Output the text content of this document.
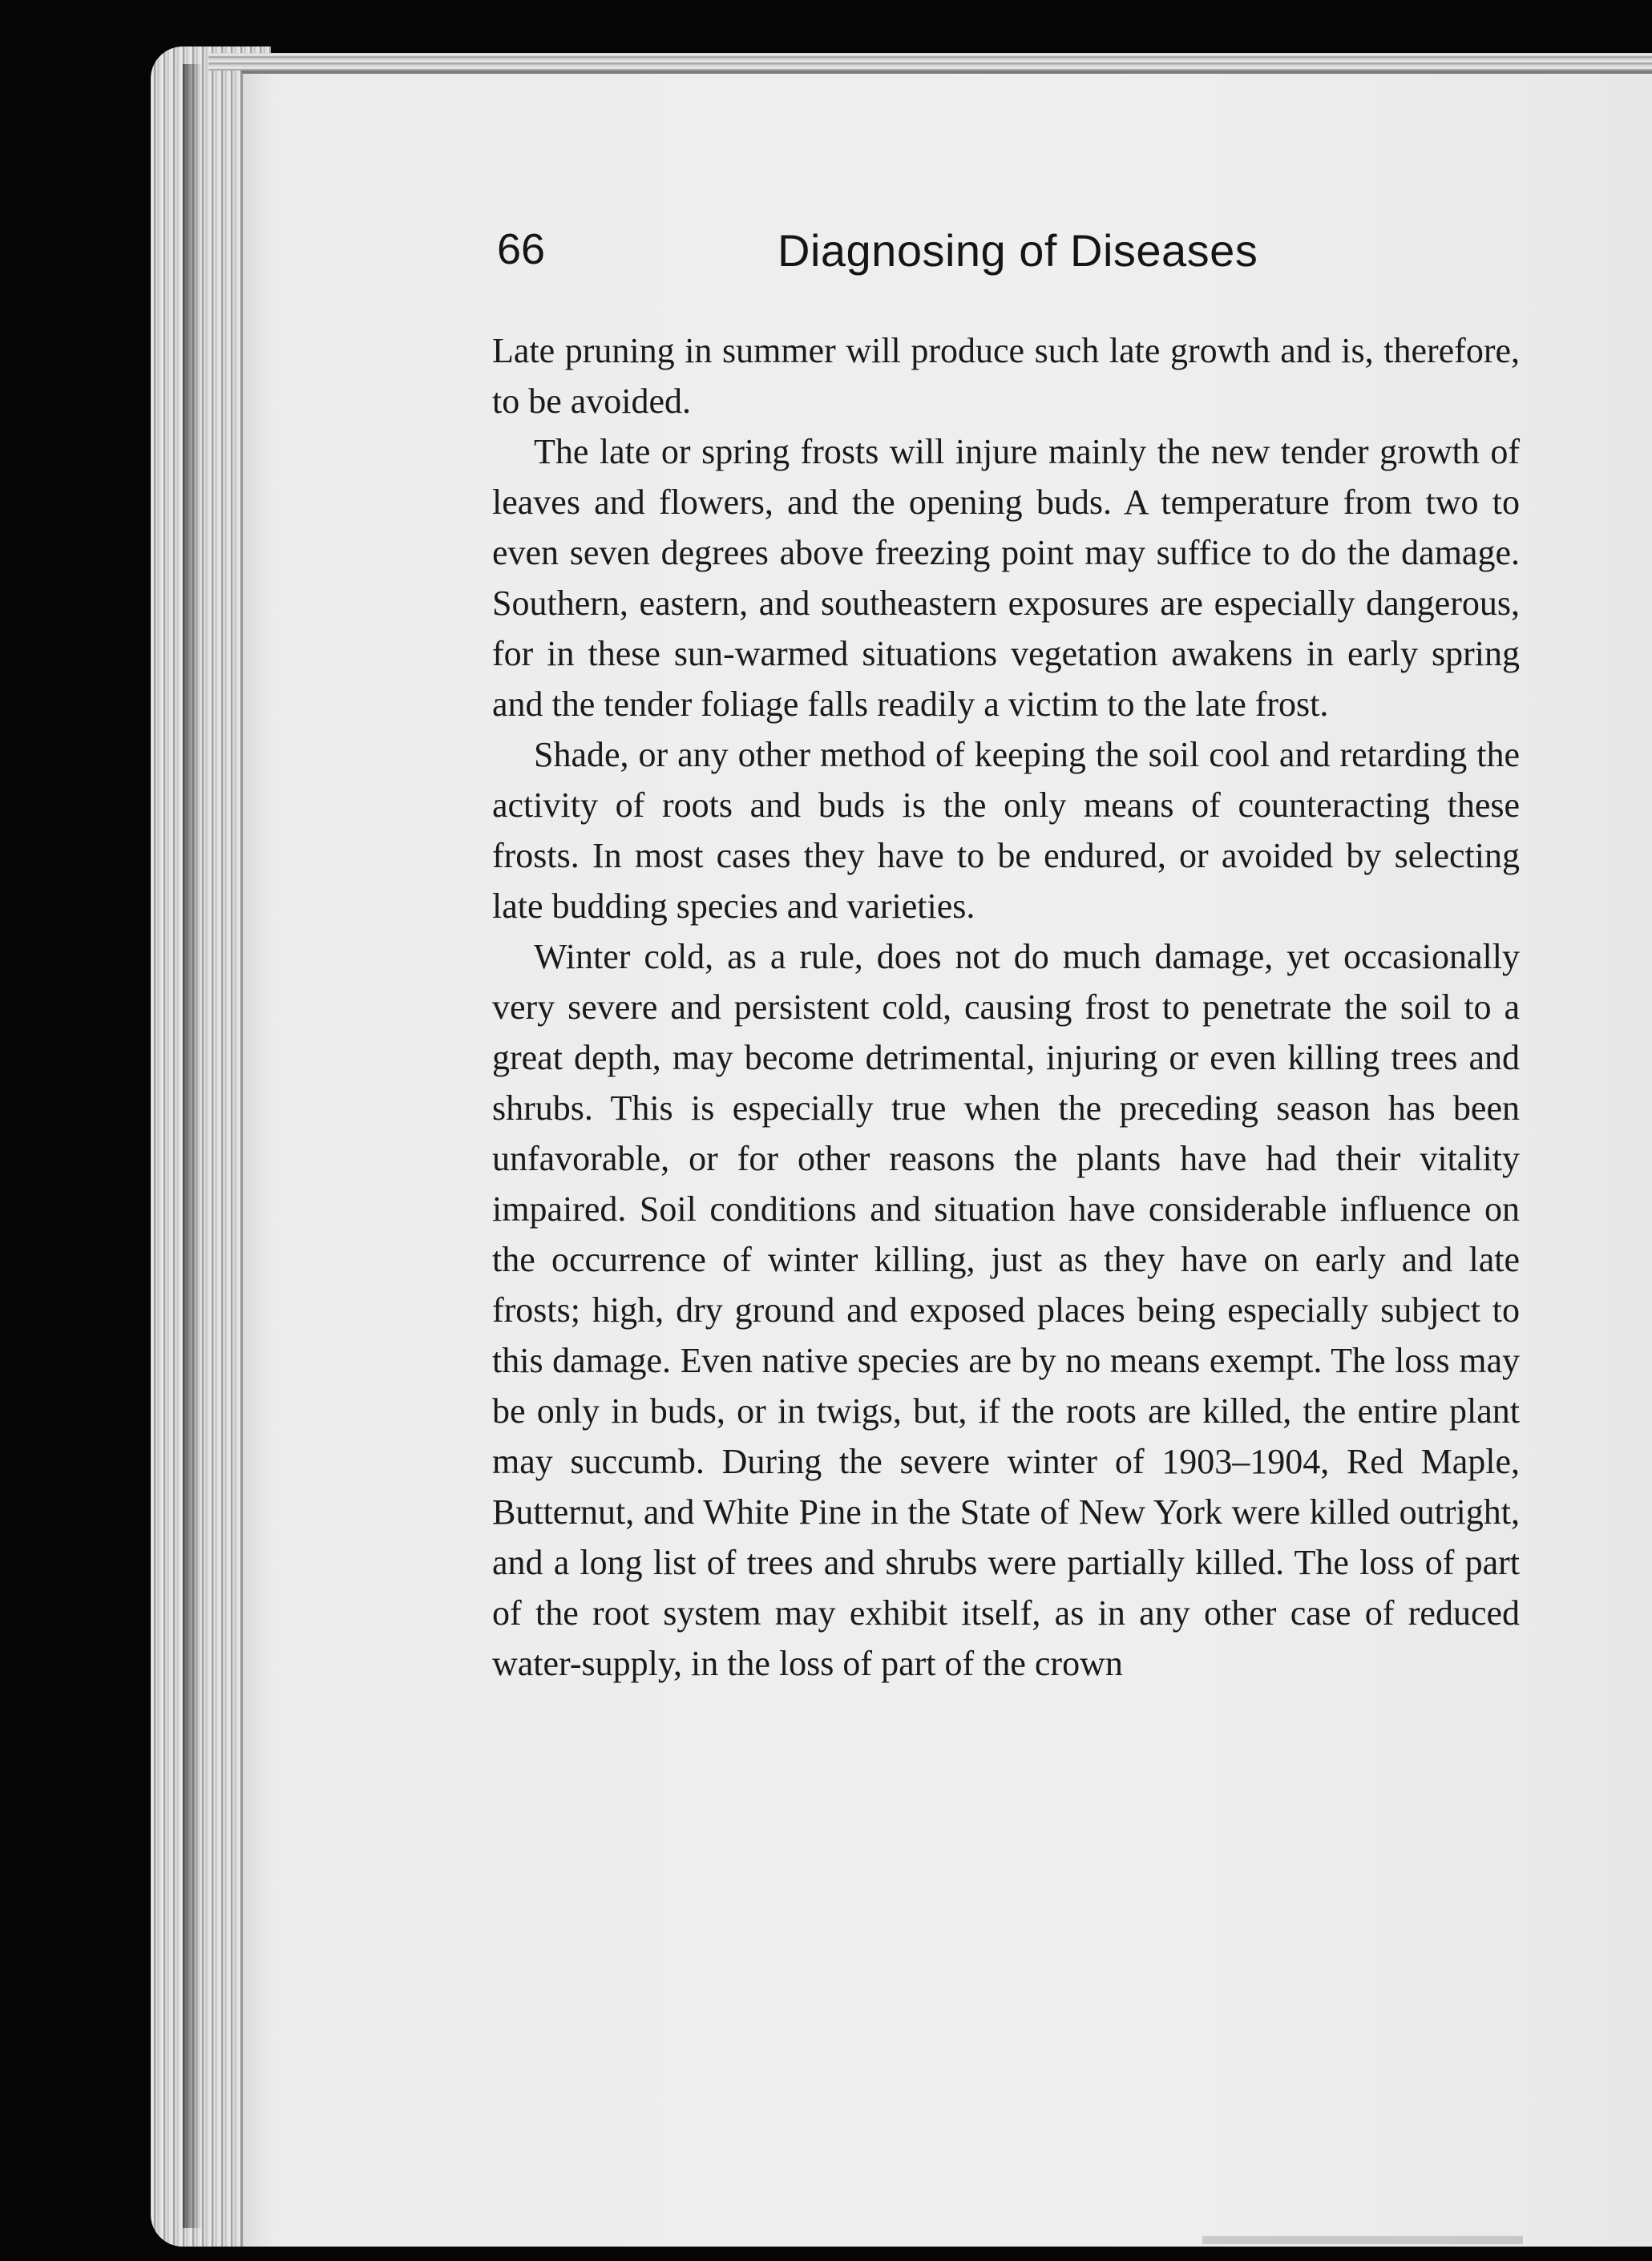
66	Diagnosing of Diseases

Late pruning in summer will produce such late growth and is, therefore, to be avoided.

The late or spring frosts will injure mainly the new tender growth of leaves and flowers, and the opening buds. A temperature from two to even seven degrees above freezing point may suffice to do the damage. Southern, eastern, and southeastern exposures are especially dangerous, for in these sun-warmed situations vegetation awakens in early spring and the tender foliage falls readily a victim to the late frost.

Shade, or any other method of keeping the soil cool and retarding the activity of roots and buds is the only means of counteracting these frosts. In most cases they have to be endured, or avoided by selecting late budding species and varieties.

Winter cold, as a rule, does not do much damage, yet occasionally very severe and persistent cold, causing frost to penetrate the soil to a great depth, may become detrimental, injuring or even killing trees and shrubs. This is especially true when the preceding season has been unfavorable, or for other reasons the plants have had their vitality impaired. Soil conditions and situation have considerable influence on the occurrence of winter killing, just as they have on early and late frosts; high, dry ground and exposed places being especially subject to this damage. Even native species are by no means exempt. The loss may be only in buds, or in twigs, but, if the roots are killed, the entire plant may succumb. During the severe winter of 1903–1904, Red Maple, Butternut, and White Pine in the State of New York were killed outright, and a long list of trees and shrubs were partially killed. The loss of part of the root system may exhibit itself, as in any other case of reduced water-supply, in the loss of part of the crown
